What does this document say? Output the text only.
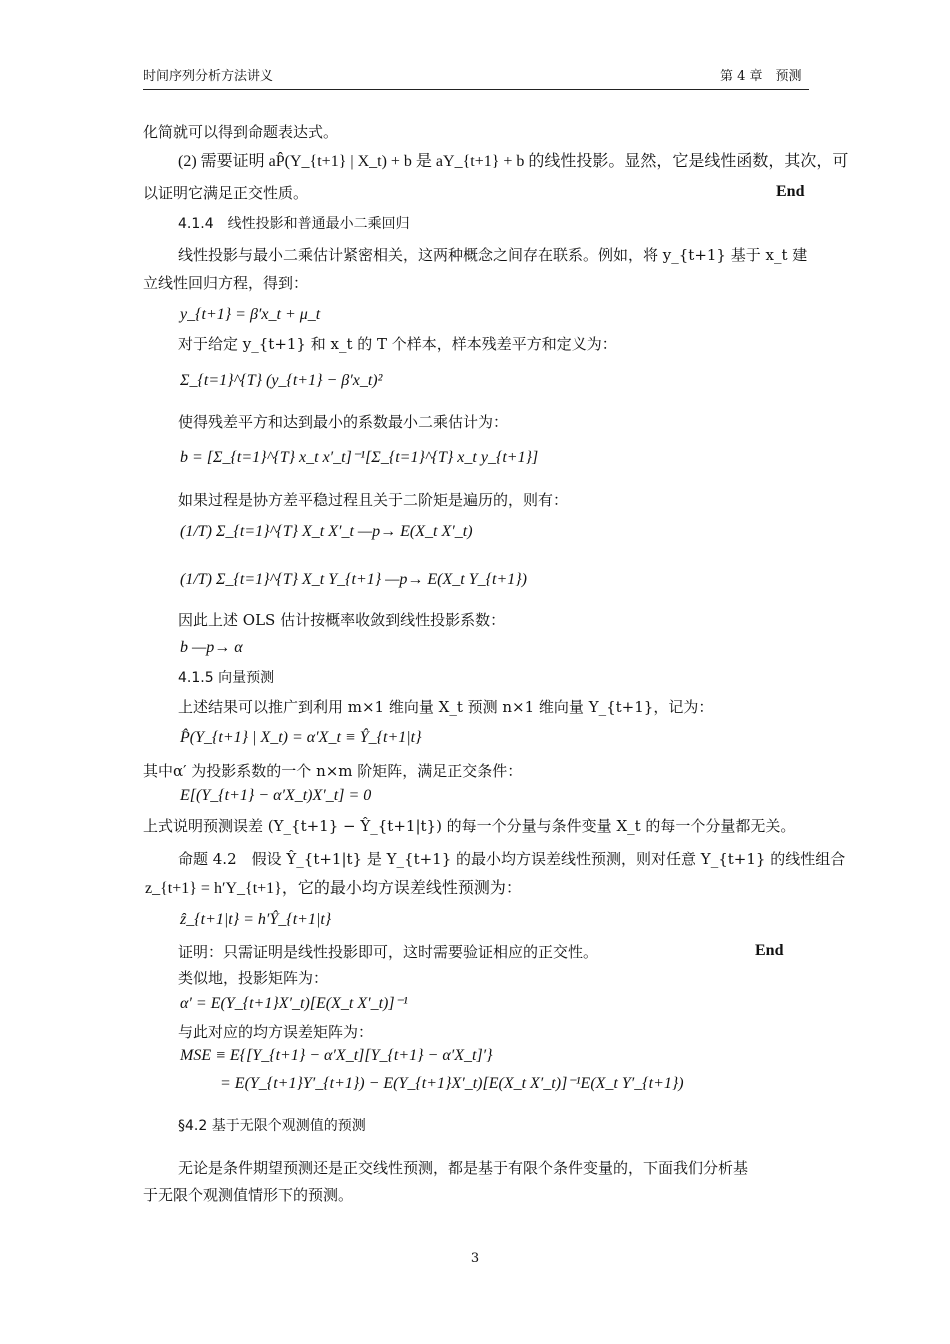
时间序列分析方法讲义	第 4 章　预测
化简就可以得到命题表达式。
(2) 需要证明 aP̂(Y_{t+1} | X_t) + b 是 aY_{t+1} + b 的线性投影。显然，它是线性函数，其次，可
以证明它满足正交性质。	End
4.1.4　线性投影和普通最小二乘回归
线性投影与最小二乘估计紧密相关，这两种概念之间存在联系。例如，将 y_{t+1} 基于 x_t 建
立线性回归方程，得到：
y_{t+1} = β′x_t + μ_t
对于给定 y_{t+1} 和 x_t 的 T 个样本，样本残差平方和定义为：
Σ_{t=1}^{T} (y_{t+1} − β′x_t)²
使得残差平方和达到最小的系数最小二乘估计为：
b = [Σ_{t=1}^{T} x_t x′_t]⁻¹[Σ_{t=1}^{T} x_t y_{t+1}]
如果过程是协方差平稳过程且关于二阶矩是遍历的，则有：
(1/T) Σ_{t=1}^{T} X_t X′_t —p→ E(X_t X′_t)
(1/T) Σ_{t=1}^{T} X_t Y_{t+1} —p→ E(X_t Y_{t+1})
因此上述 OLS 估计按概率收敛到线性投影系数：
b —p→ α
4.1.5 向量预测
上述结果可以推广到利用 m×1 维向量 X_t 预测 n×1 维向量 Y_{t+1}，记为：
P̂(Y_{t+1} | X_t) = α′X_t ≡ Ŷ_{t+1|t}
其中α′ 为投影系数的一个 n×m 阶矩阵，满足正交条件：
E[(Y_{t+1} − α′X_t)X′_t] = 0
上式说明预测误差 (Y_{t+1} − Ŷ_{t+1|t}) 的每一个分量与条件变量 X_t 的每一个分量都无关。
命题 4.2　假设 Ŷ_{t+1|t} 是 Y_{t+1} 的最小均方误差线性预测，则对任意 Y_{t+1} 的线性组合
z_{t+1} = h′Y_{t+1}，它的最小均方误差线性预测为：
ẑ_{t+1|t} = h′Ŷ_{t+1|t}
证明：只需证明是线性投影即可，这时需要验证相应的正交性。	End
类似地，投影矩阵为：
α′ = E(Y_{t+1}X′_t)[E(X_t X′_t)]⁻¹
与此对应的均方误差矩阵为：
MSE ≡ E{[Y_{t+1} − α′X_t][Y_{t+1} − α′X_t]′}
= E(Y_{t+1}Y′_{t+1}) − E(Y_{t+1}X′_t)[E(X_t X′_t)]⁻¹E(X_t Y′_{t+1})
§4.2 基于无限个观测值的预测
无论是条件期望预测还是正交线性预测，都是基于有限个条件变量的，下面我们分析基
于无限个观测值情形下的预测。
3
